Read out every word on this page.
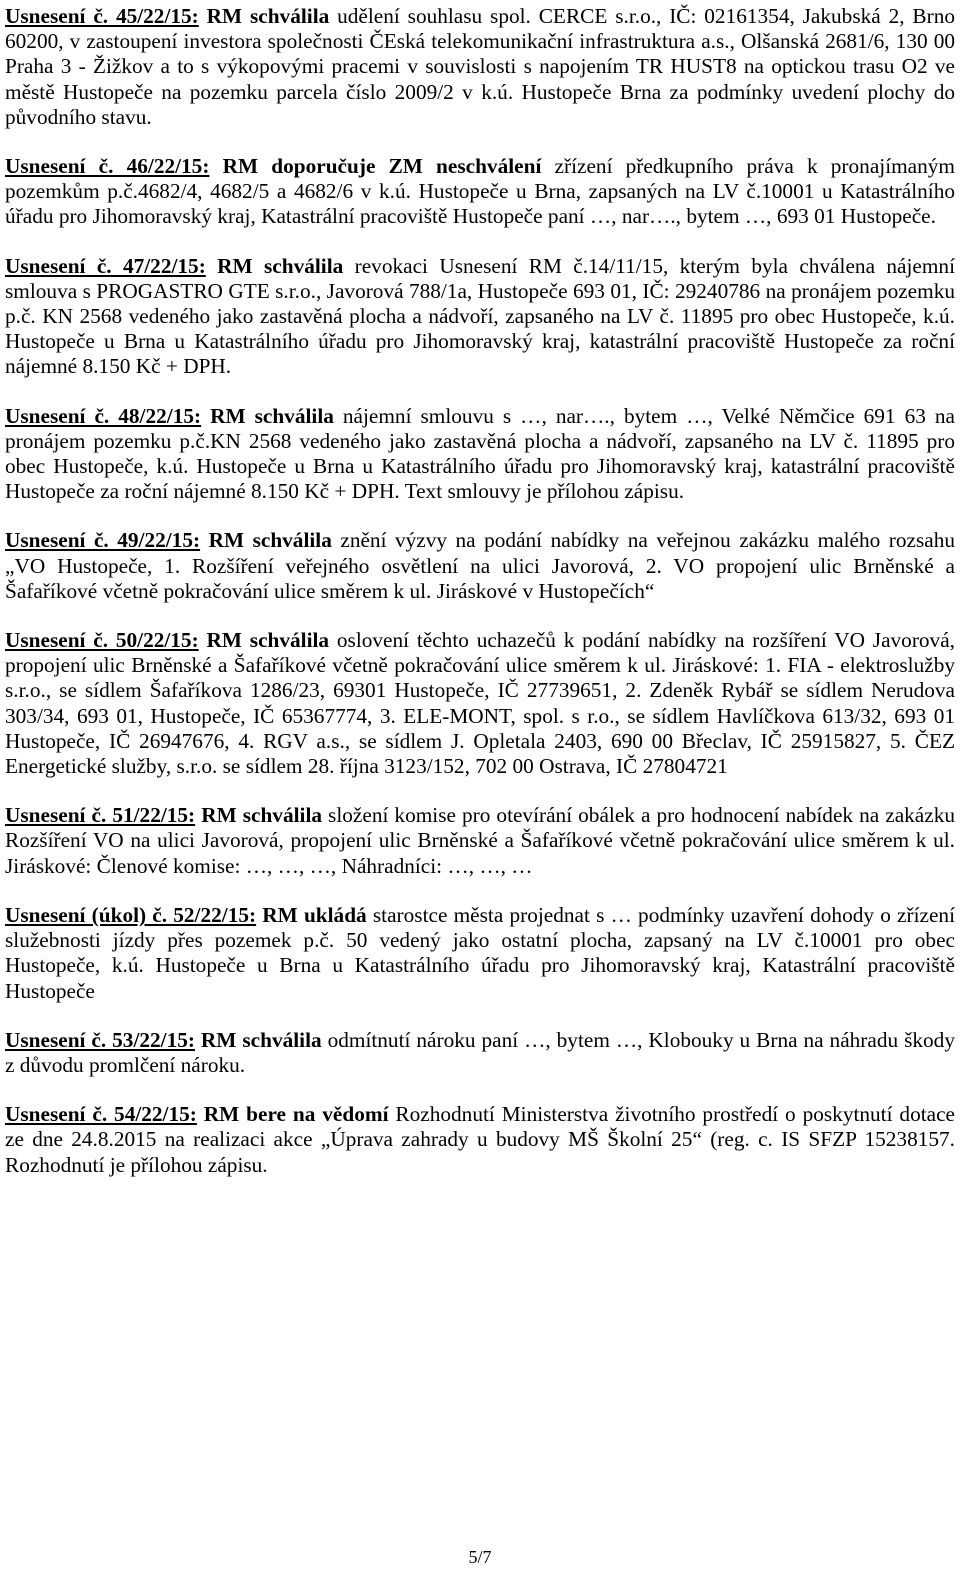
Usnesení č. 45/22/15: RM schválila udělení souhlasu spol. CERCE s.r.o., IČ: 02161354, Jakubská 2, Brno 60200, v zastoupení investora společnosti ČEská telekomunikační infrastruktura a.s., Olšanská 2681/6, 130 00 Praha 3 - Žižkov a to s výkopovými pracemi v souvislosti s napojením TR HUST8 na optickou trasu O2 ve městě Hustopeče na pozemku parcela číslo 2009/2 v k.ú. Hustopeče Brna za podmínky uvedení plochy do původního stavu.

Usnesení č. 46/22/15: RM doporučuje ZM neschválení zřízení předkupního práva k pronajímaným pozemkům p.č.4682/4, 4682/5 a 4682/6 v k.ú. Hustopeče u Brna, zapsaných na LV č.10001 u Katastrálního úřadu pro Jihomoravský kraj, Katastrální pracoviště Hustopeče paní …, nar…., bytem …, 693 01 Hustopeče.

Usnesení č. 47/22/15: RM schválila revokaci Usnesení RM č.14/11/15, kterým byla chválena nájemní smlouva s PROGASTRO GTE s.r.o., Javorová 788/1a, Hustopeče 693 01, IČ: 29240786 na pronájem pozemku p.č. KN 2568 vedeného jako zastavěná plocha a nádvoří, zapsaného na LV č. 11895 pro obec Hustopeče, k.ú. Hustopeče u Brna u Katastrálního úřadu pro Jihomoravský kraj, katastrální pracoviště Hustopeče za roční nájemné 8.150 Kč + DPH.

Usnesení č. 48/22/15: RM schválila nájemní smlouvu s …, nar…., bytem …, Velké Němčice 691 63 na pronájem pozemku p.č.KN 2568 vedeného jako zastavěná plocha a nádvoří, zapsaného na LV č. 11895 pro obec Hustopeče, k.ú. Hustopeče u Brna u Katastrálního úřadu pro Jihomoravský kraj, katastrální pracoviště Hustopeče za roční nájemné 8.150 Kč + DPH. Text smlouvy je přílohou zápisu.

Usnesení č. 49/22/15: RM schválila znění výzvy na podání nabídky na veřejnou zakázku malého rozsahu „VO Hustopeče, 1. Rozšíření veřejného osvětlení na ulici Javorová, 2. VO propojení ulic Brněnské a Šafaříkové včetně pokračování ulice směrem k ul. Jiráskové v Hustopečích“

Usnesení č. 50/22/15: RM schválila oslovení těchto uchazečů k podání nabídky na rozšíření VO Javorová, propojení ulic Brněnské a Šafaříkové včetně pokračování ulice směrem k ul. Jiráskové: 1. FIA - elektroslužby s.r.o., se sídlem Šafaříkova 1286/23, 69301 Hustopeče, IČ 27739651, 2. Zdeněk Rybář se sídlem Nerudova 303/34, 693 01, Hustopeče, IČ 65367774, 3. ELE-MONT, spol. s r.o., se sídlem Havlíčkova 613/32, 693 01 Hustopeče, IČ 26947676, 4. RGV a.s., se sídlem J. Opletala 2403, 690 00 Břeclav, IČ 25915827, 5. ČEZ Energetické služby, s.r.o. se sídlem 28. října 3123/152, 702 00 Ostrava, IČ 27804721

Usnesení č. 51/22/15: RM schválila složení komise pro otevírání obálek a pro hodnocení nabídek na zakázku Rozšíření VO na ulici Javorová, propojení ulic Brněnské a Šafaříkové včetně pokračování ulice směrem k ul. Jiráskové: Členové komise: …, …, …, Náhradníci: …, …, …

Usnesení (úkol) č. 52/22/15: RM ukládá starostce města projednat s … podmínky uzavření dohody o zřízení služebnosti jízdy přes pozemek p.č. 50 vedený jako ostatní plocha, zapsaný na LV č.10001 pro obec Hustopeče, k.ú. Hustopeče u Brna u Katastrálního úřadu pro Jihomoravský kraj, Katastrální pracoviště Hustopeče

Usnesení č. 53/22/15: RM schválila odmítnutí nároku paní …, bytem …, Klobouky u Brna na náhradu škody z důvodu promlčení nároku.

Usnesení č. 54/22/15: RM bere na vědomí Rozhodnutí Ministerstva životního prostředí o poskytnutí dotace ze dne 24.8.2015 na realizaci akce „Úprava zahrady u budovy MŠ Školní 25“ (reg. c. IS SFZP 15238157. Rozhodnutí je přílohou zápisu.

5/7
